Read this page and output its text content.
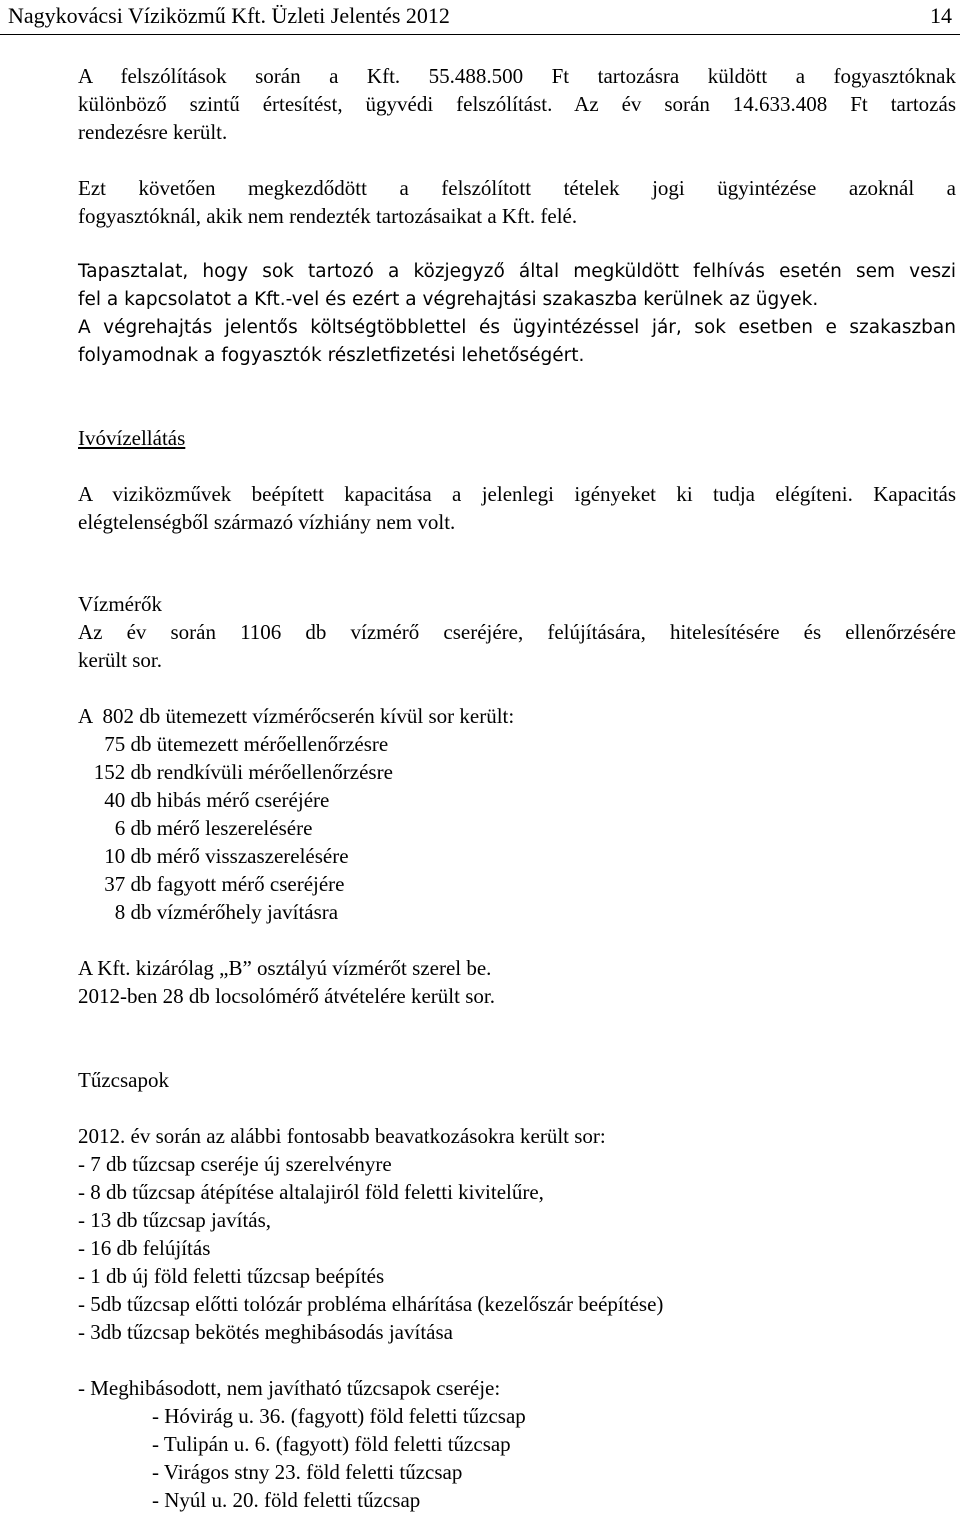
Nagykovácsi Víziközmű Kft. Üzleti Jelentés 2012	14
A felszólítások során a Kft. 55.488.500 Ft tartozásra küldött a fogyasztóknak
különböző szintű értesítést, ügyvédi felszólítást. Az év során 14.633.408 Ft tartozás
rendezésre került.
Ezt követően megkezdődött a felszólított tételek jogi ügyintézése azoknál a
fogyasztóknál, akik nem rendezték tartozásaikat a Kft. felé.
Tapasztalat, hogy sok tartozó a közjegyző által megküldött felhívás esetén sem veszi
fel a kapcsolatot a Kft.-vel és ezért a végrehajtási szakaszba kerülnek az ügyek.
A végrehajtás jelentős költségtöbblettel és ügyintézéssel jár, sok esetben e szakaszban
folyamodnak a fogyasztók részletfizetési lehetőségért.
Ivóvízellátás
A viziközművek beépített kapacitása a jelenlegi igényeket ki tudja elégíteni. Kapacitás
elégtelenségből származó vízhiány nem volt.
Vízmérők
Az év során 1106 db vízmérő cseréjére, felújítására, hitelesítésére és ellenőrzésére
került sor.
A  802 db ütemezett vízmérőcserén kívül sor került:
75 db ütemezett mérőellenőrzésre
152 db rendkívüli mérőellenőrzésre
40 db hibás mérő cseréjére
6 db mérő leszerelésére
10 db mérő visszaszerelésére
37 db fagyott mérő cseréjére
8 db vízmérőhely javításra
A Kft. kizárólag „B” osztályú vízmérőt szerel be.
2012-ben 28 db locsolómérő átvételére került sor.
Tűzcsapok
2012. év során az alábbi fontosabb beavatkozásokra került sor:
- 7 db tűzcsap cseréje új szerelvényre
- 8 db tűzcsap átépítése altalajiról föld feletti kivitelűre,
- 13 db tűzcsap javítás,
- 16 db felújítás
- 1 db új föld feletti tűzcsap beépítés
- 5db tűzcsap előtti tolózár probléma elhárítása (kezelőszár beépítése)
- 3db tűzcsap bekötés meghibásodás javítása
- Meghibásodott, nem javítható tűzcsapok cseréje:
- Hóvirág u. 36. (fagyott) föld feletti tűzcsap
- Tulipán u. 6. (fagyott) föld feletti tűzcsap
- Virágos stny 23. föld feletti tűzcsap
- Nyúl u. 20. föld feletti tűzcsap
